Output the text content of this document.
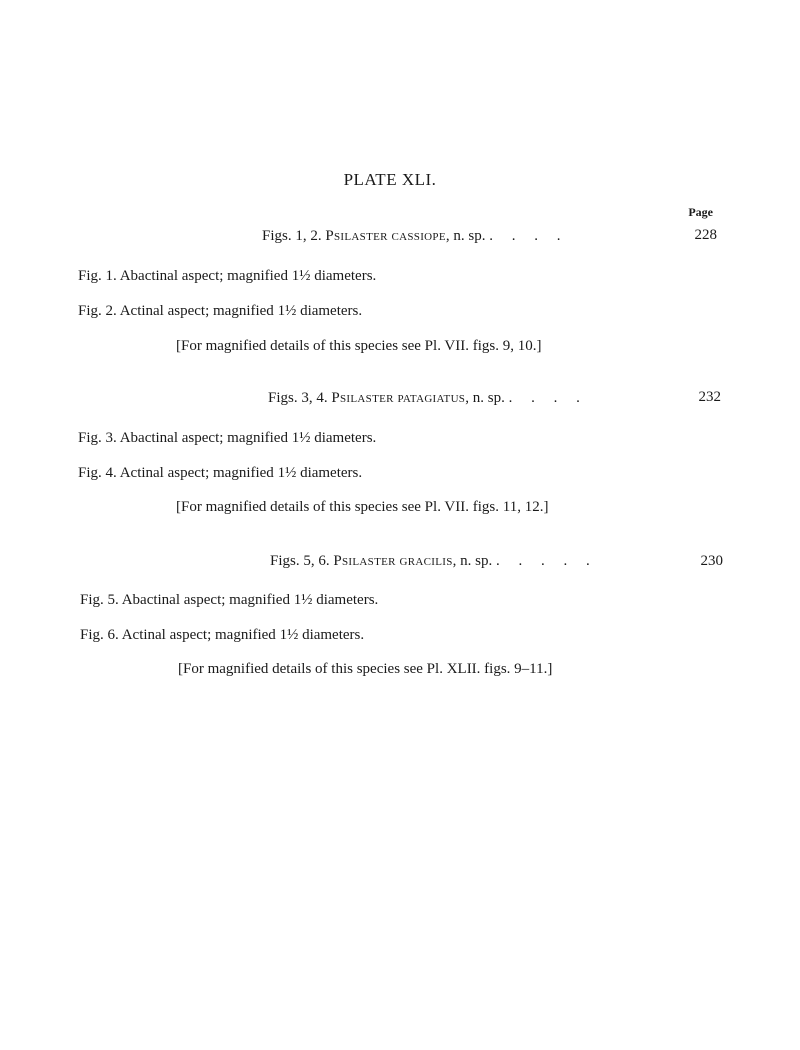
PLATE XLI.
Page
Figs. 1, 2. Psilaster cassiope, n. sp. .     .     .     .	228
Fig. 1. Abactinal aspect; magnified 1½ diameters.
Fig. 2. Actinal aspect; magnified 1½ diameters.
[For magnified details of this species see Pl. VII. figs. 9, 10.]
Figs. 3, 4. Psilaster patagiatus, n. sp. .     .     .     .	232
Fig. 3. Abactinal aspect; magnified 1½ diameters.
Fig. 4. Actinal aspect; magnified 1½ diameters.
[For magnified details of this species see Pl. VII. figs. 11, 12.]
Figs. 5, 6. Psilaster gracilis, n. sp. .     .     .     .     .	230
Fig. 5. Abactinal aspect; magnified 1½ diameters.
Fig. 6. Actinal aspect; magnified 1½ diameters.
[For magnified details of this species see Pl. XLII. figs. 9–11.]
